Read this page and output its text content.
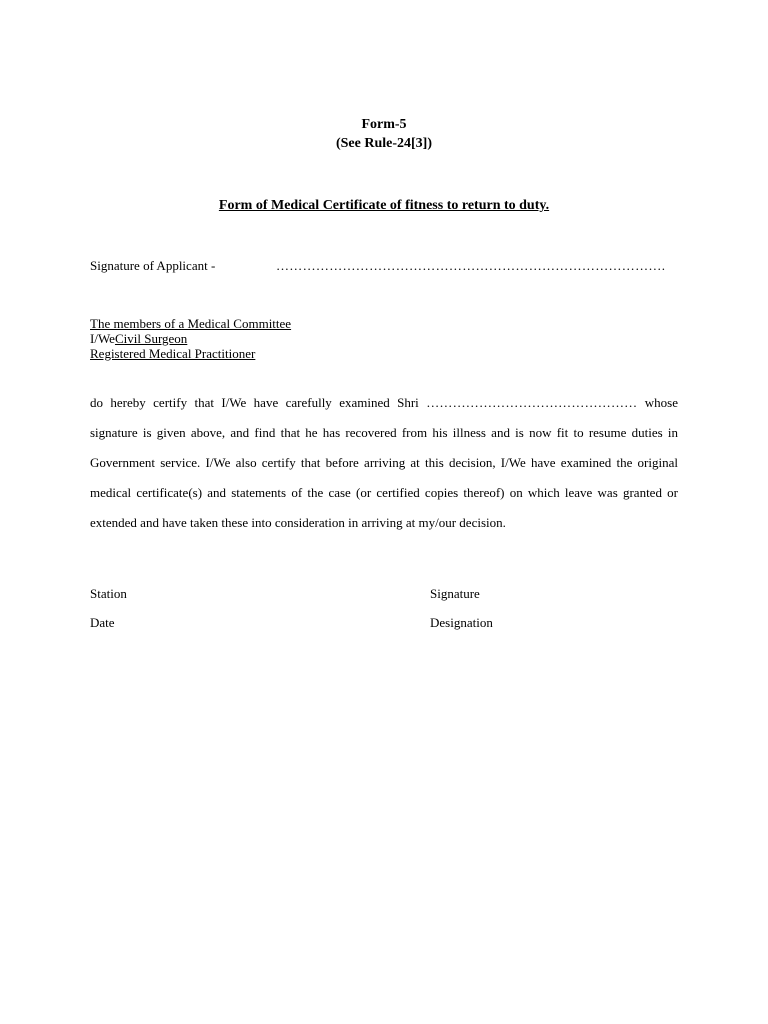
Form-5
(See Rule-24[3])
Form of Medical Certificate of fitness to return to duty.
Signature of Applicant -	…………………………………………………………………………….
The members of a Medical Committee
I/WeCivil Surgeon
Registered Medical Practitioner
do hereby certify that I/We have carefully examined Shri ………………………………………… whose signature is given above, and find that he has recovered from his illness and is now fit to resume duties in Government service. I/We also certify that before arriving at this decision, I/We have examined the original medical certificate(s) and statements of the case (or certified copies thereof) on which leave was granted or extended and have taken these into consideration in arriving at my/our decision.
Station
Date
Signature
Designation
